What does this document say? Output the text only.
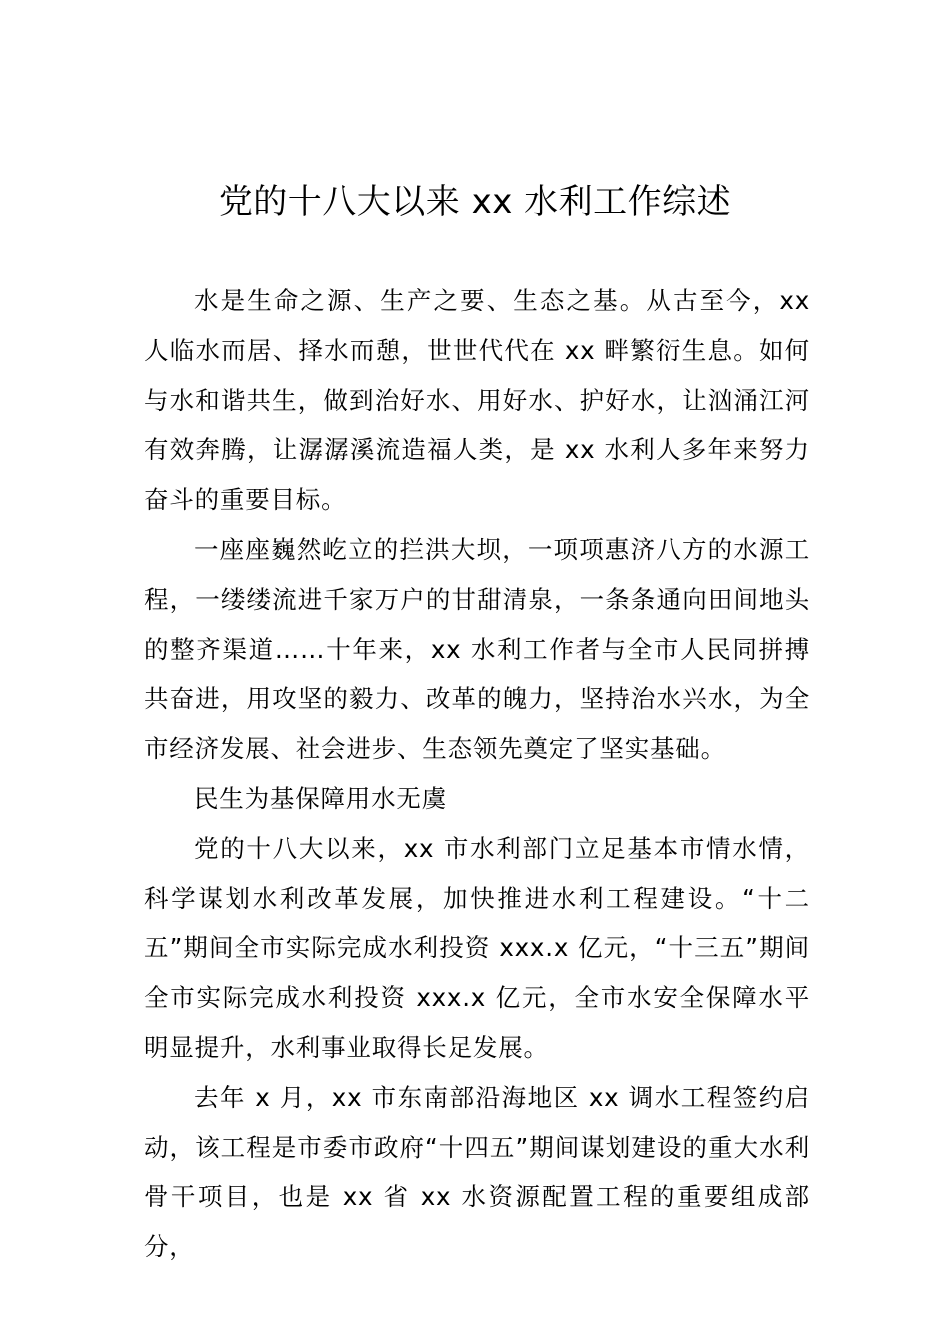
党的十八大以来 xx 水利工作综述

水是生命之源、生产之要、生态之基。从古至今，xx 人临水而居、择水而憩，世世代代在 xx 畔繁衍生息。如何与水和谐共生，做到治好水、用好水、护好水，让汹涌江河有效奔腾，让潺潺溪流造福人类，是 xx 水利人多年来努力奋斗的重要目标。

一座座巍然屹立的拦洪大坝，一项项惠济八方的水源工程，一缕缕流进千家万户的甘甜清泉，一条条通向田间地头的整齐渠道……十年来，xx 水利工作者与全市人民同拼搏共奋进，用攻坚的毅力、改革的魄力，坚持治水兴水，为全市经济发展、社会进步、生态领先奠定了坚实基础。

民生为基保障用水无虞

党的十八大以来，xx 市水利部门立足基本市情水情，科学谋划水利改革发展，加快推进水利工程建设。“十二五”期间全市实际完成水利投资 xxx.x 亿元，“十三五”期间全市实际完成水利投资 xxx.x 亿元，全市水安全保障水平明显提升，水利事业取得长足发展。

去年 x 月，xx 市东南部沿海地区 xx 调水工程签约启动，该工程是市委市政府“十四五”期间谋划建设的重大水利骨干项目，也是 xx 省 xx 水资源配置工程的重要组成部分，
